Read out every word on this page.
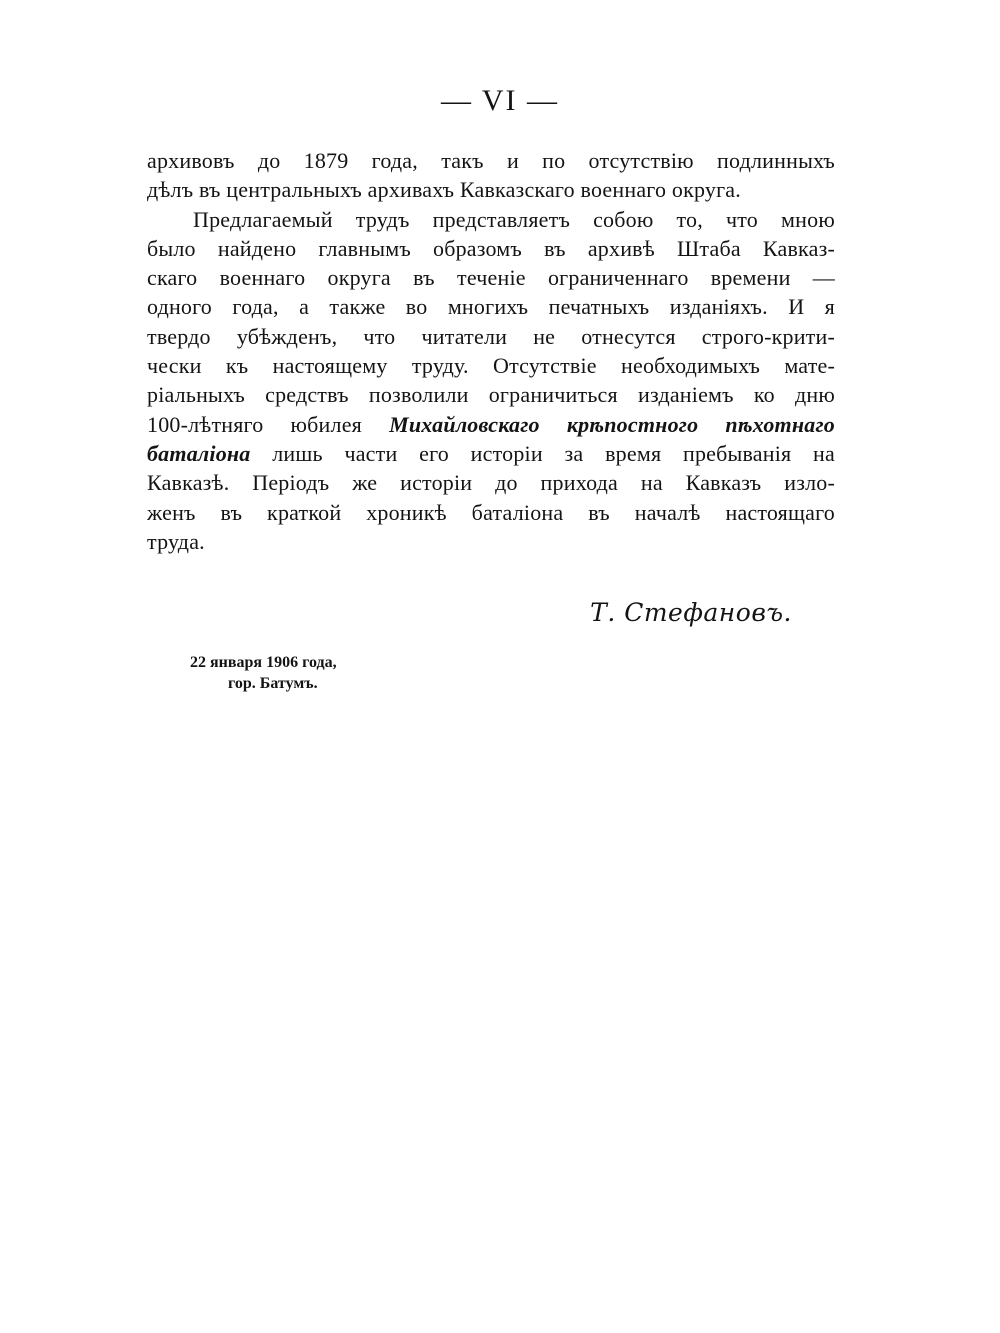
— VI —
архивовъ до 1879 года, такъ и по отсутствію подлинныхъ
дѣлъ въ центральныхъ архивахъ Кавказскаго военнаго округа.
Предлагаемый трудъ представляетъ собою то, что мною
было найдено главнымъ образомъ въ архивѣ Штаба Кавказ-
скаго военнаго округа въ теченіе ограниченнаго времени —
одного года, а также во многихъ печатныхъ изданіяхъ. И я
твердо убѣжденъ, что читатели не отнесутся строго-крити-
чески къ настоящему труду. Отсутствіе необходимыхъ мате-
ріальныхъ средствъ позволили ограничиться изданіемъ ко дню
100-лѣтняго юбилея Михайловскаго крѣпостного пѣхотнаго
баталіона лишь части его исторіи за время пребыванія на
Кавказѣ. Періодъ же исторіи до прихода на Кавказъ изло-
женъ въ краткой хроникѣ баталіона въ началѣ настоящаго
труда.
Т. Стефановъ.
22 января 1906 года,
гор. Батумъ.
